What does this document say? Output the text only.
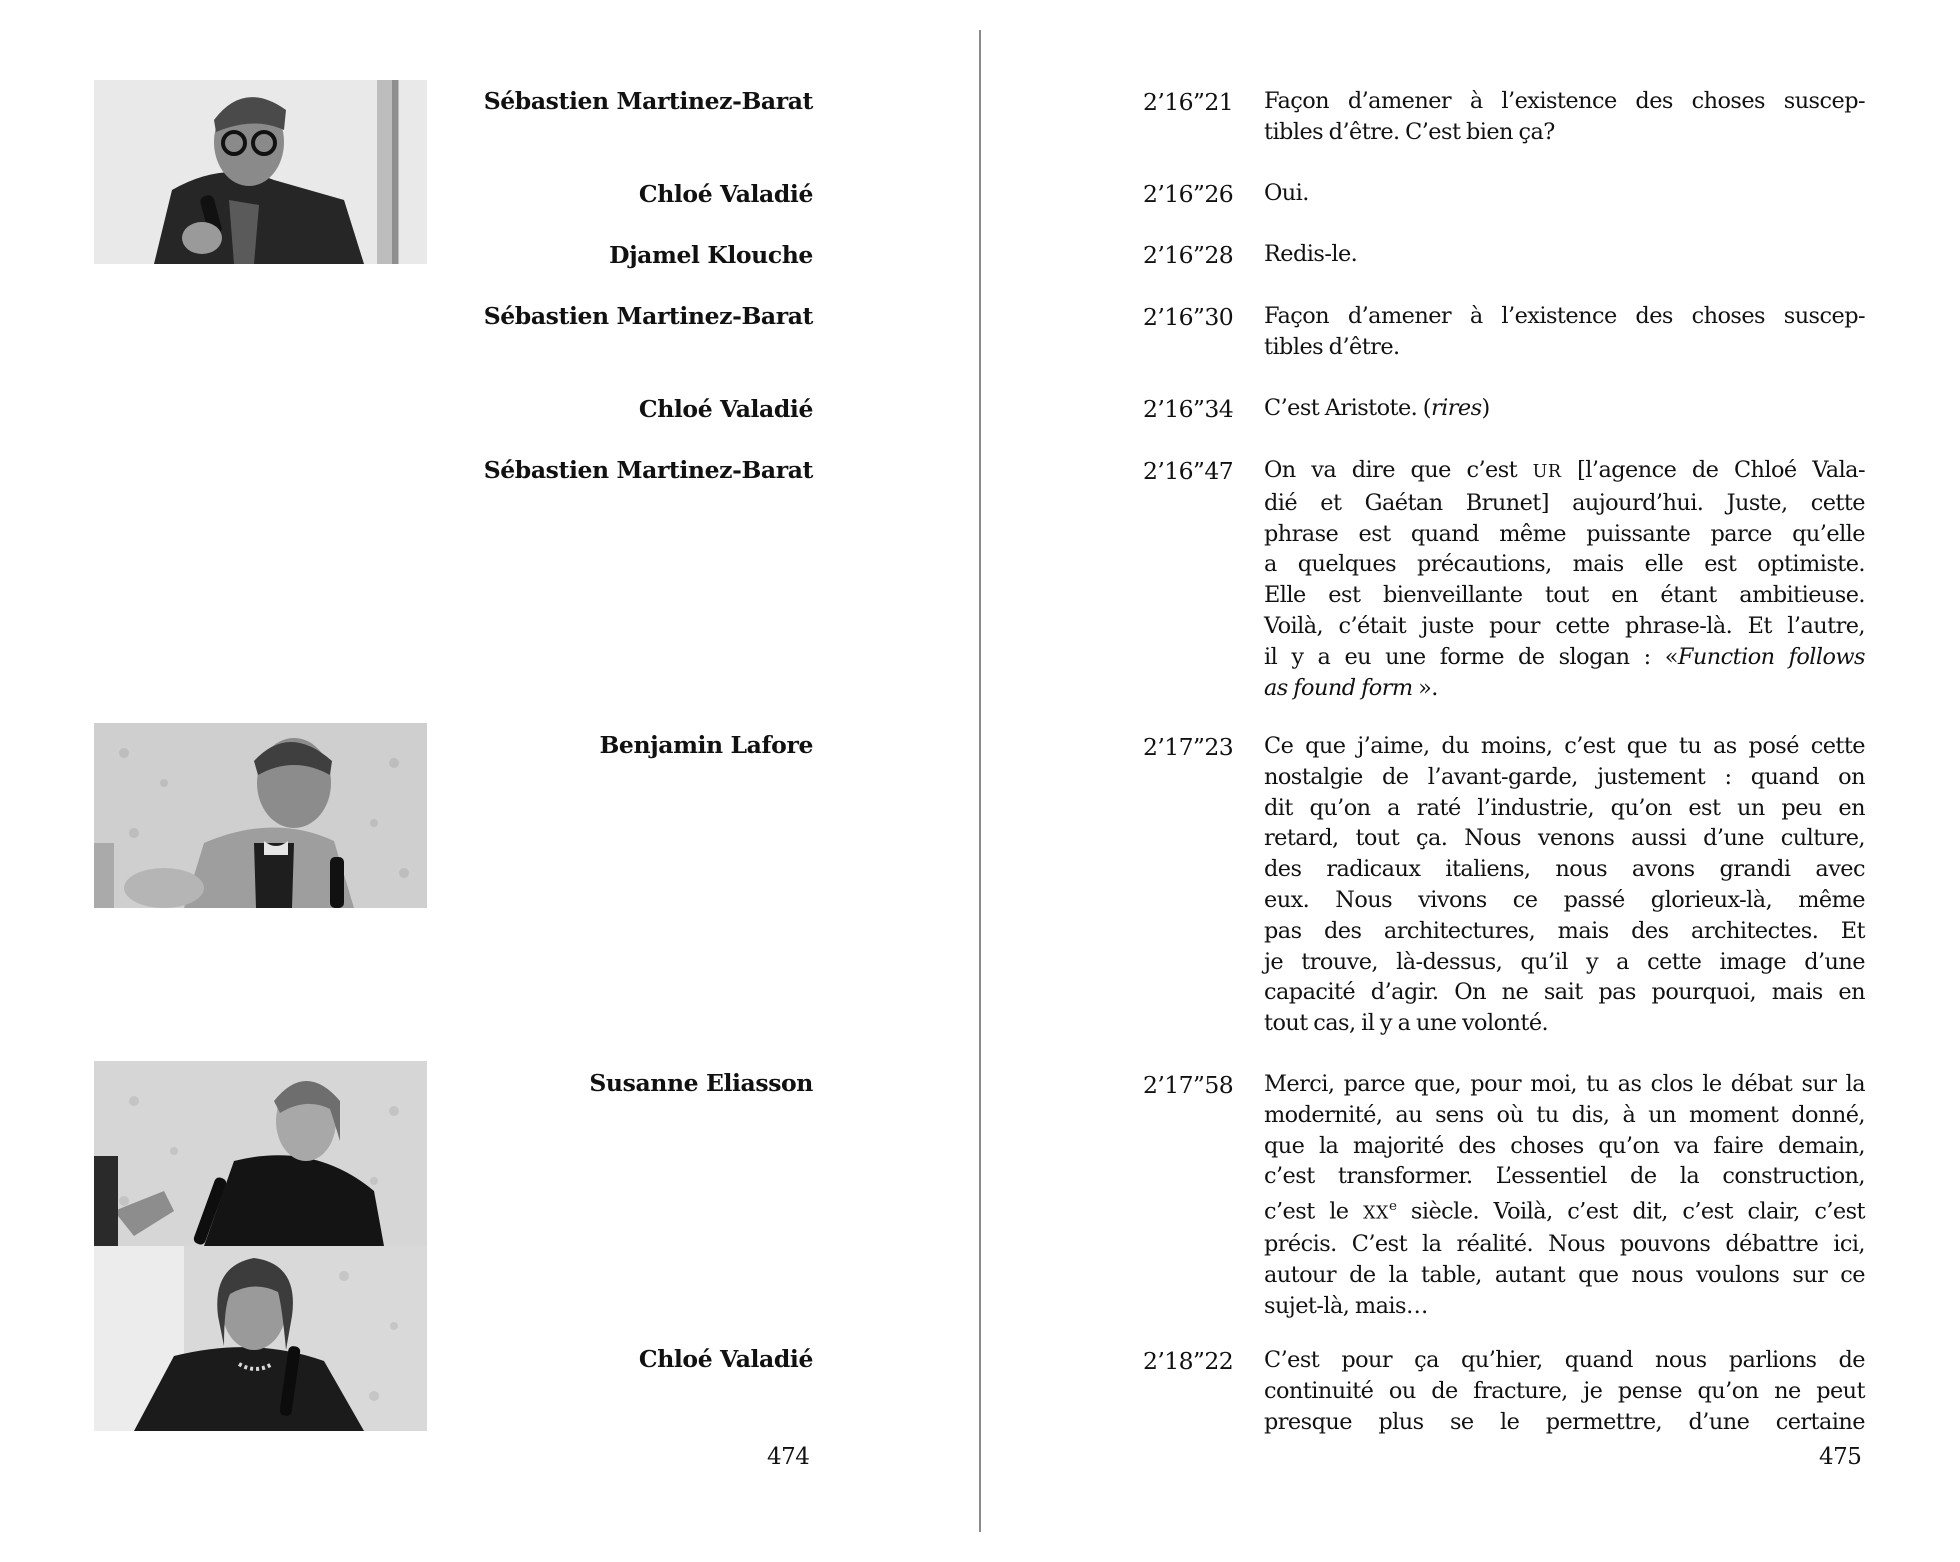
Sébastien Martinez-Barat
Chloé Valadié
Djamel Klouche
Sébastien Martinez-Barat
Chloé Valadié
Sébastien Martinez-Barat
Benjamin Lafore
Susanne Eliasson
Chloé Valadié
474
2’16”21
2’16”26
2’16”28
2’16”30
2’16”34
2’16”47
2’17”23
2’17”58
2’18”22
Façon d’amener à l’existence des choses suscep-
tibles d’être. C’est bien ça?
Oui.
Redis-le.
Façon d’amener à l’existence des choses suscep-
tibles d’être.
C’est Aristote. (rires)
On va dire que c’est UR [l’agence de Chloé Vala-
dié et Gaétan Brunet] aujourd’hui. Juste, cette
phrase est quand même puissante parce qu’elle
a quelques précautions, mais elle est optimiste.
Elle est bienveillante tout en étant ambitieuse.
Voilà, c’était juste pour cette phrase-là. Et l’autre,
il y a eu une forme de slogan : «Function follows
as found form ».
Ce que j’aime, du moins, c’est que tu as posé cette
nostalgie de l’avant-garde, justement : quand on
dit qu’on a raté l’industrie, qu’on est un peu en
retard, tout ça. Nous venons aussi d’une culture,
des radicaux italiens, nous avons grandi avec
eux. Nous vivons ce passé glorieux-là, même
pas des architectures, mais des architectes. Et
je trouve, là-dessus, qu’il y a cette image d’une
capacité d’agir. On ne sait pas pourquoi, mais en
tout cas, il y a une volonté.
Merci, parce que, pour moi, tu as clos le débat sur la
modernité, au sens où tu dis, à un moment donné,
que la majorité des choses qu’on va faire demain,
c’est transformer. L’essentiel de la construction,
c’est le XXe siècle. Voilà, c’est dit, c’est clair, c’est
précis. C’est la réalité. Nous pouvons débattre ici,
autour de la table, autant que nous voulons sur ce
sujet-là, mais…
C’est pour ça qu’hier, quand nous parlions de
continuité ou de fracture, je pense qu’on ne peut
presque plus se le permettre, d’une certaine
475
